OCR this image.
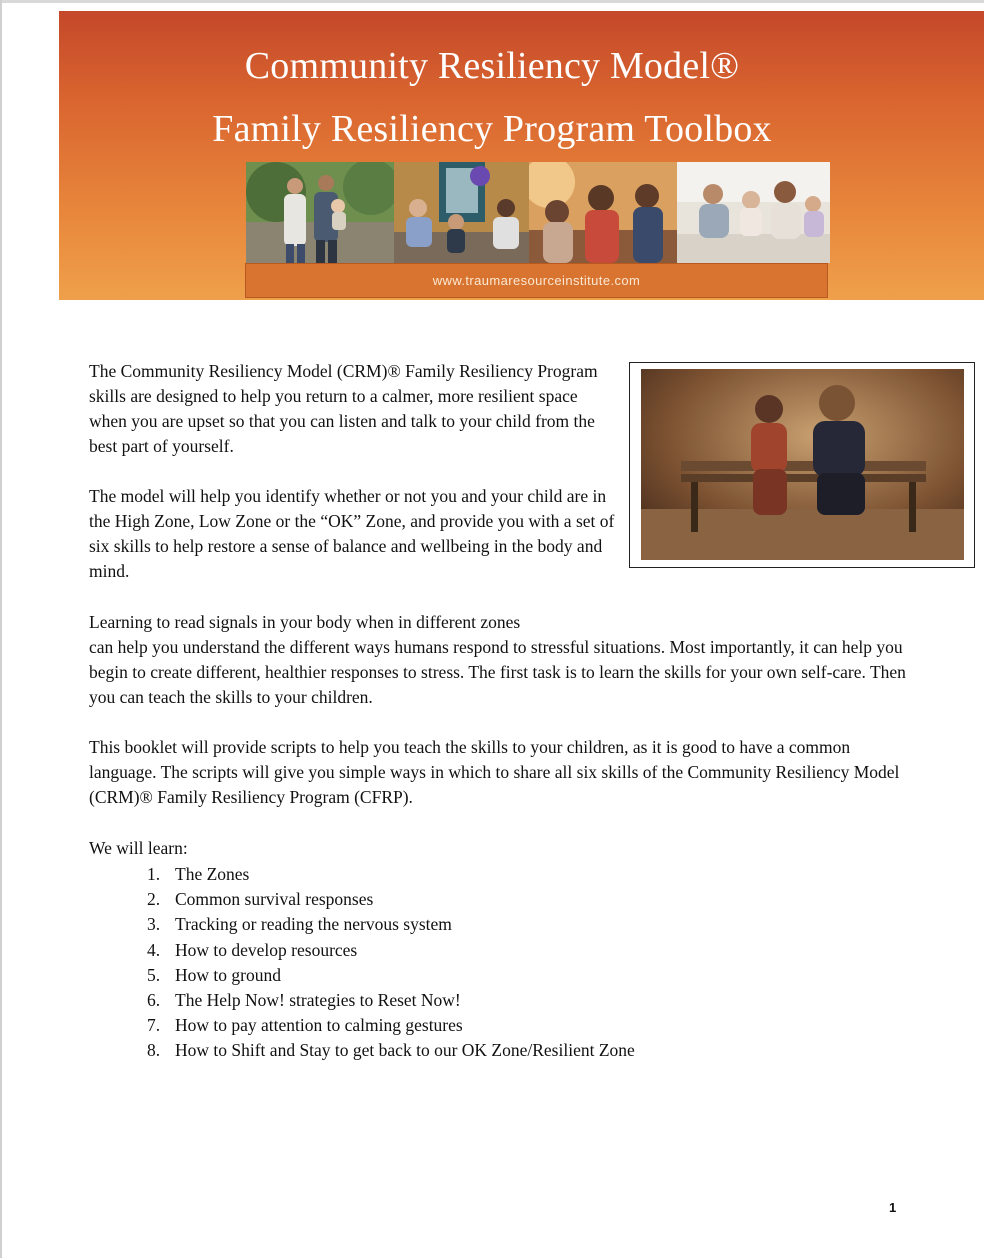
Community Resiliency Model®
Family Resiliency Program Toolbox
www.traumaresourceinstitute.com

The Community Resiliency Model (CRM)® Family Resiliency Program skills are designed to help you return to a calmer, more resilient space when you are upset so that you can listen and talk to your child from the best part of yourself.

The model will help you identify whether or not you and your child are in the High Zone, Low Zone or the “OK” Zone, and provide you with a set of six skills to help restore a sense of balance and wellbeing in the body and mind.

Learning to read signals in your body when in different zones
can help you understand the different ways humans respond to stressful situations. Most importantly, it can help you begin to create different, healthier responses to stress. The first task is to learn the skills for your own self-care. Then you can teach the skills to your children.

This booklet will provide scripts to help you teach the skills to your children, as it is good to have a common language. The scripts will give you simple ways in which to share all six skills of the Community Resiliency Model (CRM)® Family Resiliency Program (CFRP).

We will learn:
1. The Zones
2. Common survival responses
3. Tracking or reading the nervous system
4. How to develop resources
5. How to ground
6. The Help Now! strategies to Reset Now!
7. How to pay attention to calming gestures
8. How to Shift and Stay to get back to our OK Zone/Resilient Zone
1
